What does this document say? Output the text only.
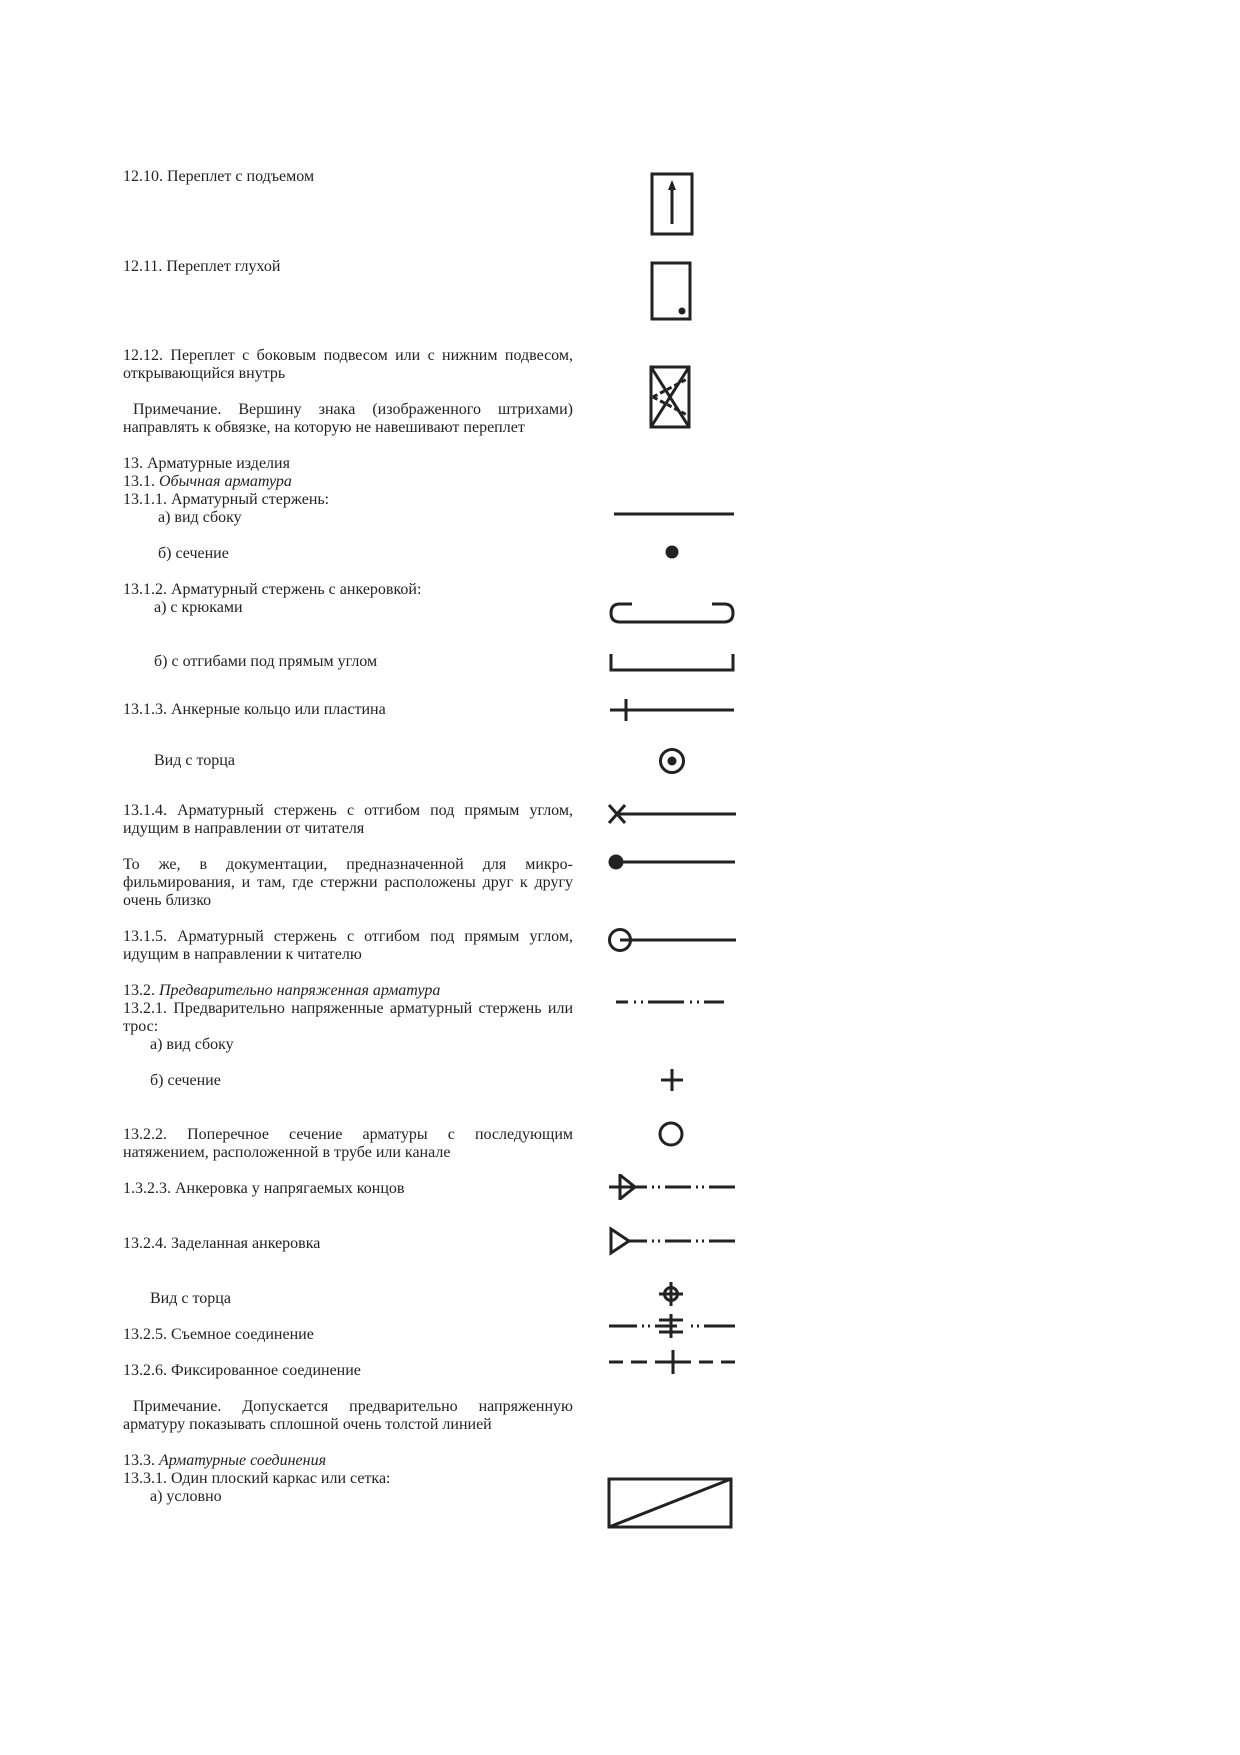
12.10. Переплет с подъемом
12.11. Переплет глухой
12.12. Переплет с боковым подвесом или с нижним подвесом,
открывающийся внутрь
Примечание. Вершину знака (изображенного штрихами)
направлять к обвязке, на которую не навешивают переплет
13. Арматурные изделия
13.1. Обычная арматура
13.1.1. Арматурный стержень:
а) вид сбоку
б) сечение
13.1.2. Арматурный стержень с анкеровкой:
а) с крюками
б) с отгибами под прямым углом
13.1.3. Анкерные кольцо или пластина
Вид с торца
13.1.4. Арматурный стержень с отгибом под прямым углом,
идущим в направлении от читателя
То же, в документации, предназначенной для микро-
фильмирования, и там, где стержни расположены друг к другу
очень близко
13.1.5. Арматурный стержень с отгибом под прямым углом,
идущим в направлении к читателю
13.2. Предварительно напряженная арматура
13.2.1. Предварительно напряженные арматурный стержень или
трос:
а) вид сбоку
б) сечение
13.2.2. Поперечное сечение арматуры с последующим
натяжением, расположенной в трубе или канале
1.3.2.3. Анкеровка у напрягаемых концов
13.2.4. Заделанная анкеровка
Вид с торца
13.2.5. Съемное соединение
13.2.6. Фиксированное соединение
Примечание. Допускается предварительно напряженную
арматуру показывать сплошной очень толстой линией
13.3. Арматурные соединения
13.3.1. Один плоский каркас или сетка:
а) условно
